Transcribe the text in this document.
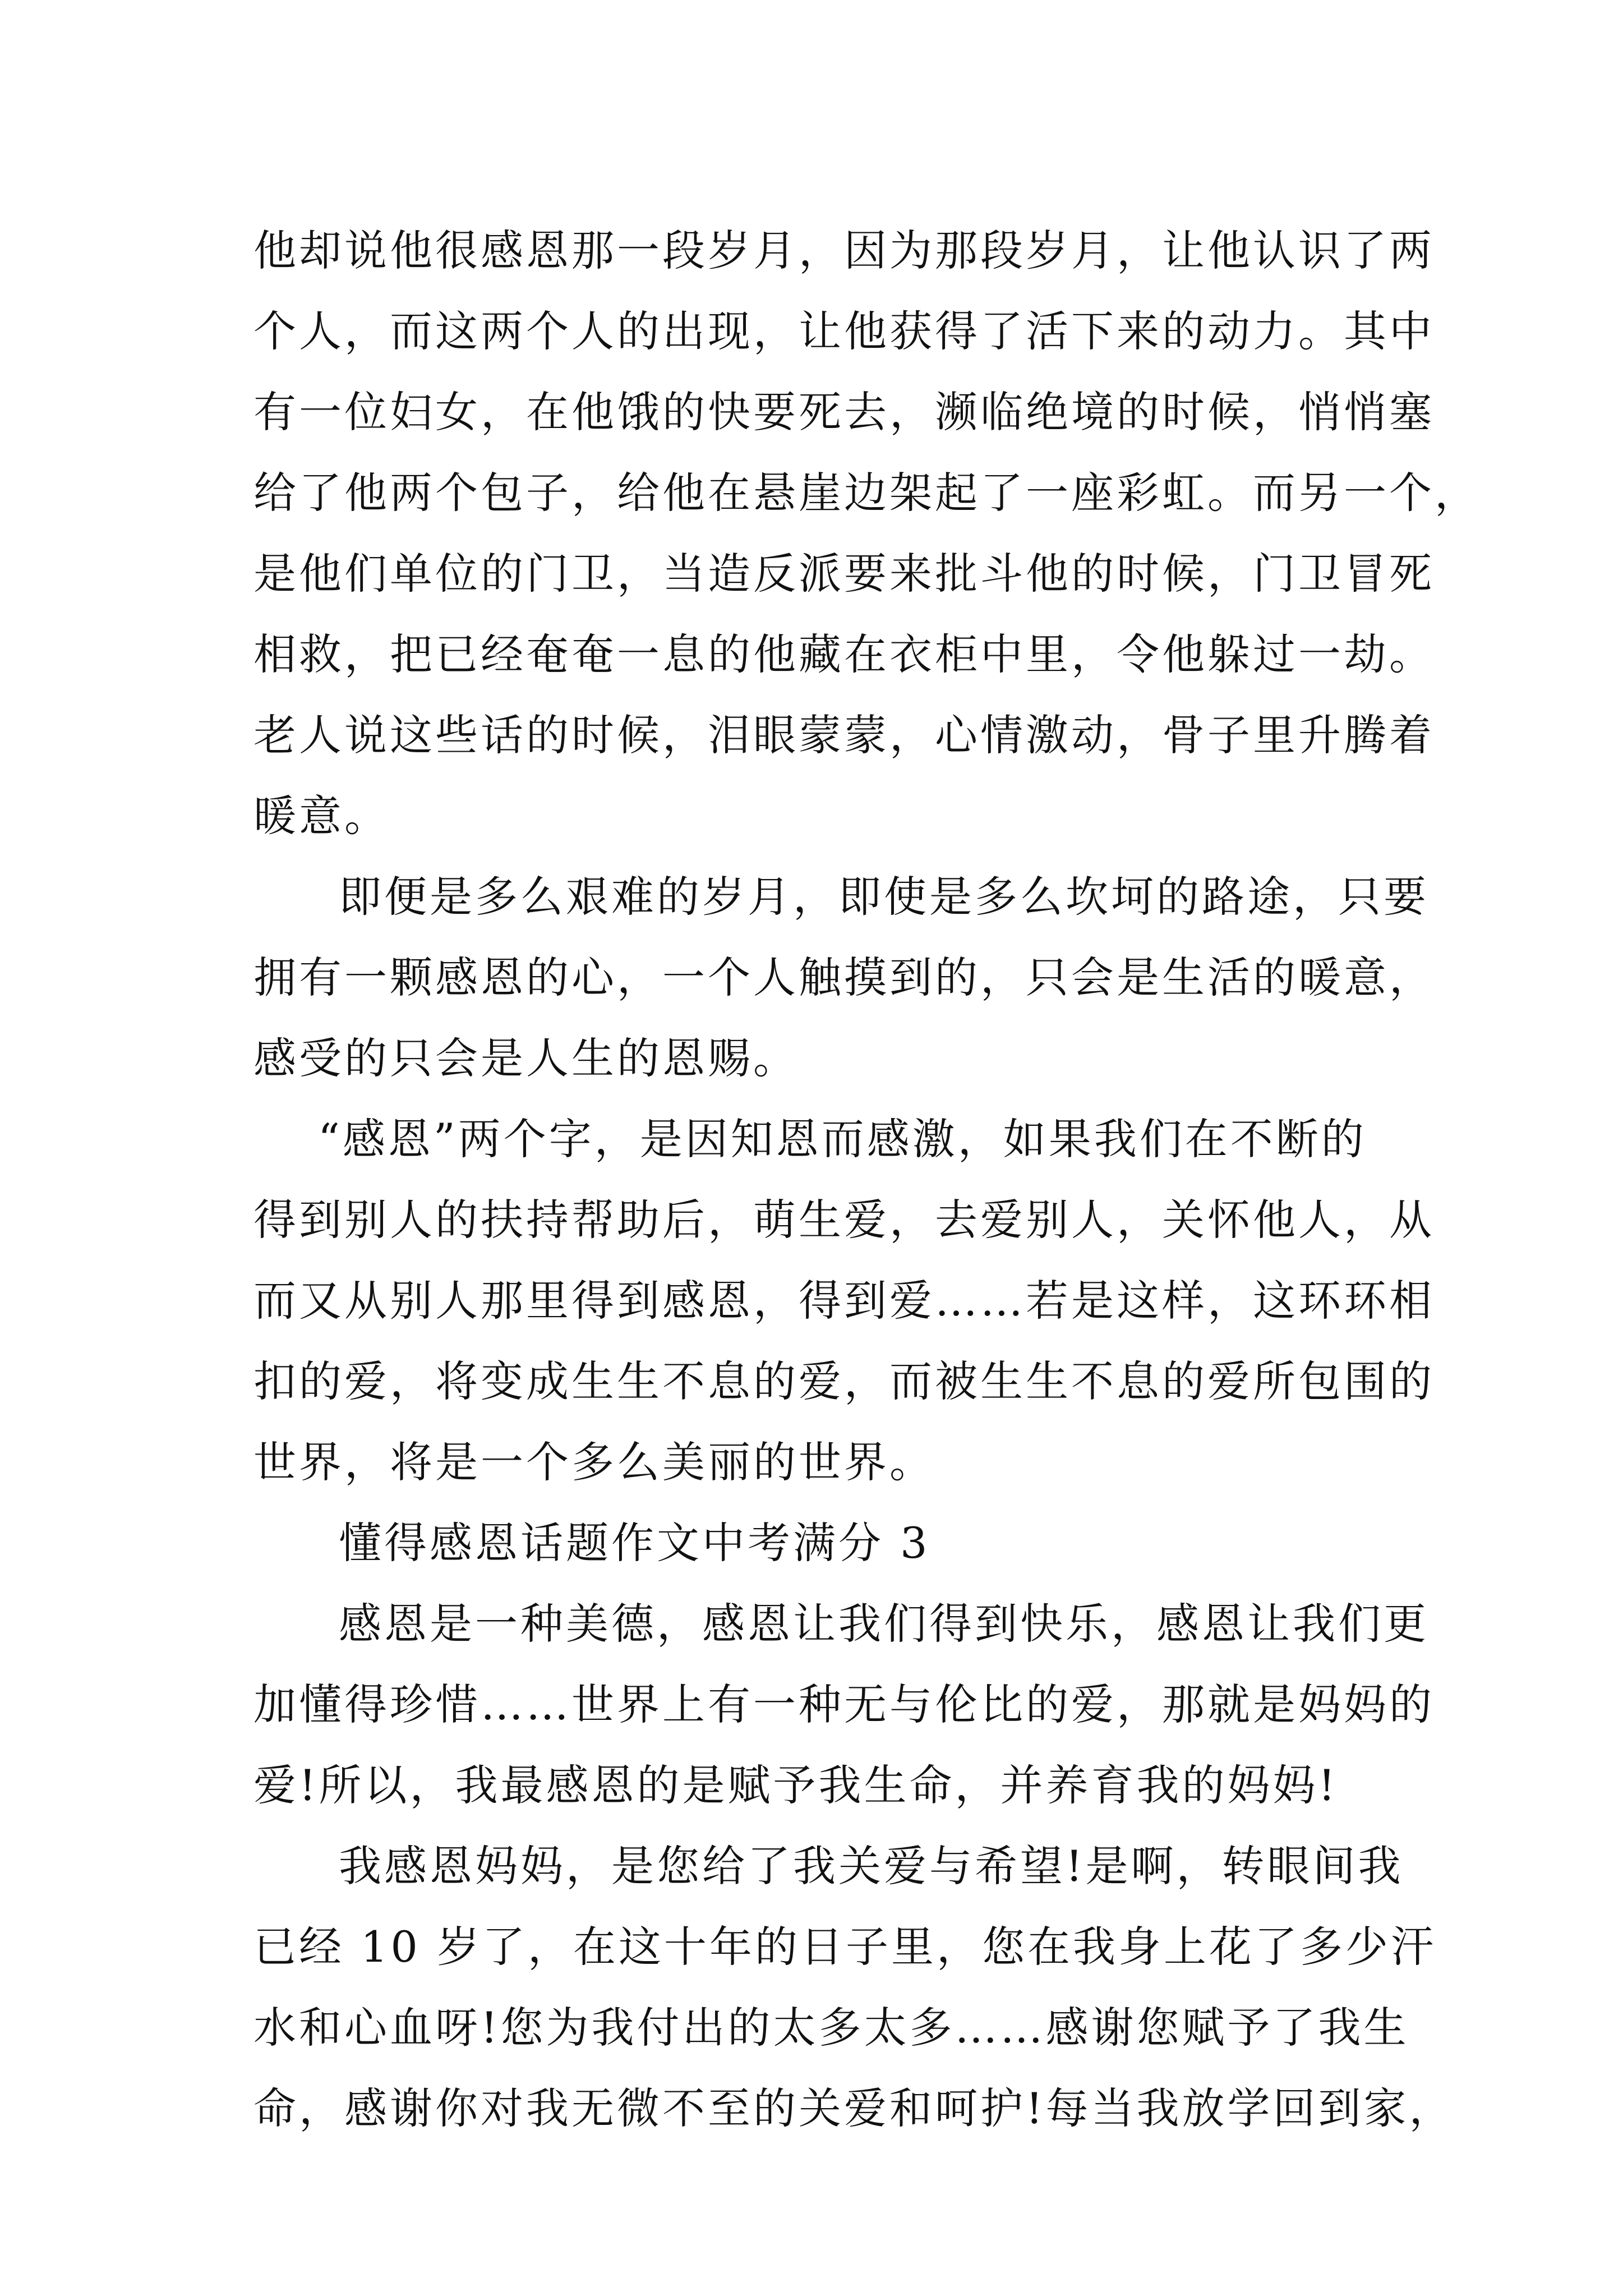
他却说他很感恩那一段岁月，因为那段岁月，让他认识了两
个人，而这两个人的出现，让他获得了活下来的动力。其中
有一位妇女，在他饿的快要死去，濒临绝境的时候，悄悄塞
给了他两个包子，给他在悬崖边架起了一座彩虹。而另一个，
是他们单位的门卫，当造反派要来批斗他的时候，门卫冒死
相救，把已经奄奄一息的他藏在衣柜中里，令他躲过一劫。
老人说这些话的时候，泪眼蒙蒙，心情激动，骨子里升腾着
暖意。
即便是多么艰难的岁月，即使是多么坎坷的路途，只要
拥有一颗感恩的心，一个人触摸到的，只会是生活的暖意，
感受的只会是人生的恩赐。
“感恩”两个字，是因知恩而感激，如果我们在不断的
得到别人的扶持帮助后，萌生爱，去爱别人，关怀他人，从
而又从别人那里得到感恩，得到爱……若是这样，这环环相
扣的爱，将变成生生不息的爱，而被生生不息的爱所包围的
世界，将是一个多么美丽的世界。
懂得感恩话题作文中考满分 3
感恩是一种美德，感恩让我们得到快乐，感恩让我们更
加懂得珍惜……世界上有一种无与伦比的爱，那就是妈妈的
爱!所以，我最感恩的是赋予我生命，并养育我的妈妈!
我感恩妈妈，是您给了我关爱与希望!是啊，转眼间我
已经 10 岁了，在这十年的日子里，您在我身上花了多少汗
水和心血呀!您为我付出的太多太多……感谢您赋予了我生
命，感谢你对我无微不至的关爱和呵护!每当我放学回到家，
